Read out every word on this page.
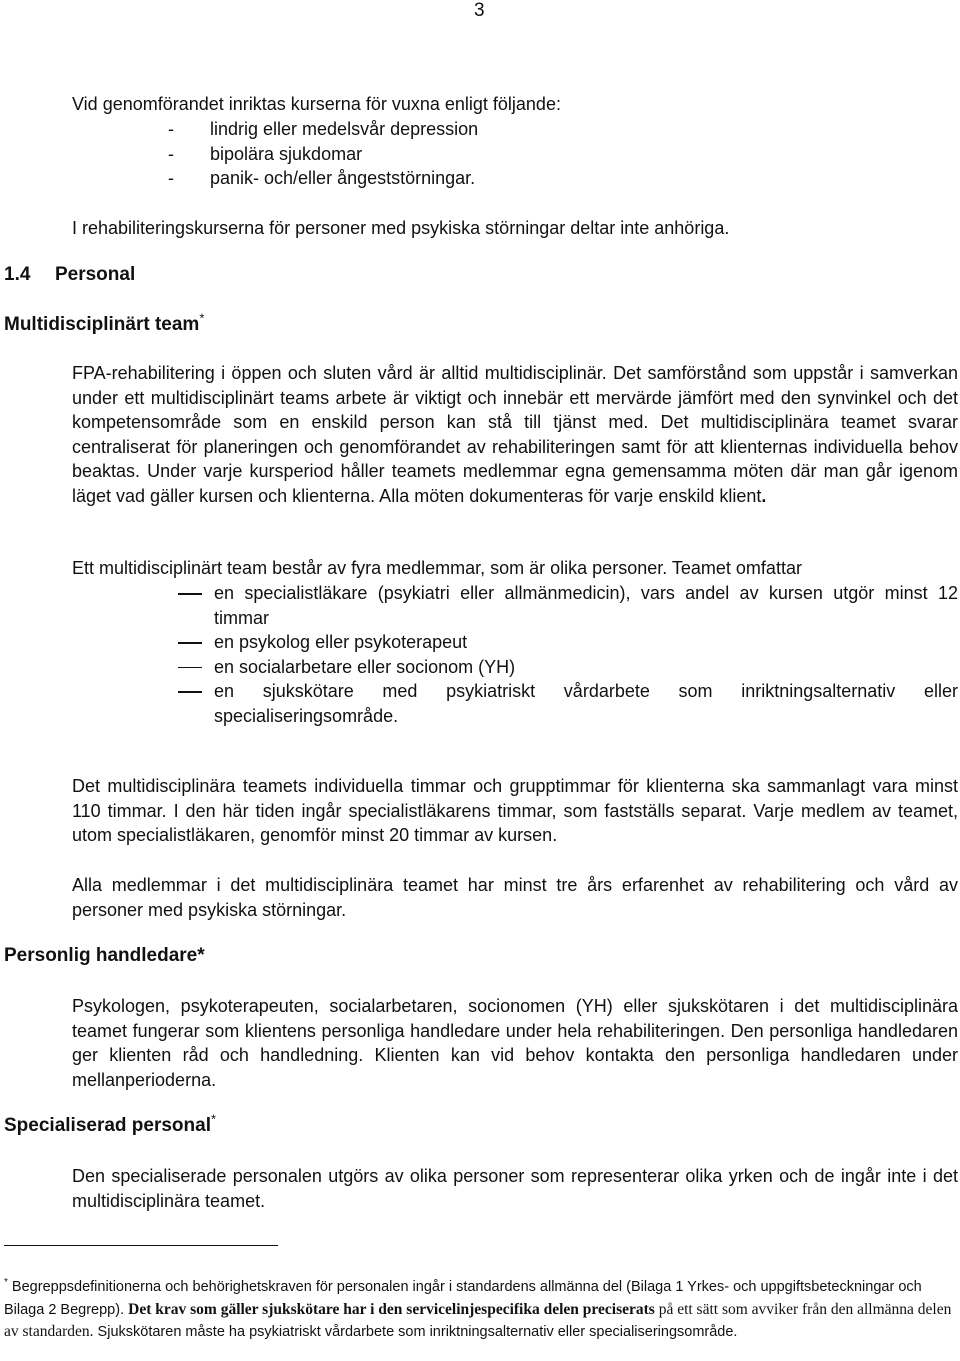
3
Vid genomförandet inriktas kurserna för vuxna enligt följande:
-	lindrig eller medelsvår depression
-	bipolära sjukdomar
-	panik- och/eller ångeststörningar.
I rehabiliteringskurserna för personer med psykiska störningar deltar inte anhöriga.
1.4 Personal
Multidisciplinärt team*
FPA-rehabilitering i öppen och sluten vård är alltid multidisciplinär. Det samförstånd som uppstår i samverkan under ett multidisciplinärt teams arbete är viktigt och innebär ett mervärde jämfört med den synvinkel och det kompetensområde som en enskild person kan stå till tjänst med. Det multidisciplinära teamet svarar centraliserat för planeringen och genomförandet av rehabiliteringen samt för att klienternas individuella behov beaktas. Under varje kursperiod håller teamets medlemmar egna gemensamma möten där man går igenom läget vad gäller kursen och klienterna. Alla möten dokumenteras för varje enskild klient.
Ett multidisciplinärt team består av fyra medlemmar, som är olika personer. Teamet omfattar
en specialistläkare (psykiatri eller allmänmedicin), vars andel av kursen utgör minst 12 timmar
en psykolog eller psykoterapeut
en socialarbetare eller socionom (YH)
en sjukskötare med psykiatriskt vårdarbete som inriktningsalternativ eller specialiseringsområde.
Det multidisciplinära teamets individuella timmar och grupptimmar för klienterna ska sammanlagt vara minst 110 timmar. I den här tiden ingår specialistläkarens timmar, som fastställs separat. Varje medlem av teamet, utom specialistläkaren, genomför minst 20 timmar av kursen.
Alla medlemmar i det multidisciplinära teamet har minst tre års erfarenhet av rehabilitering och vård av personer med psykiska störningar.
Personlig handledare*
Psykologen, psykoterapeuten, socialarbetaren, socionomen (YH) eller sjukskötaren i det multidisciplinära teamet fungerar som klientens personliga handledare under hela rehabiliteringen. Den personliga handledaren ger klienten råd och handledning. Klienten kan vid behov kontakta den personliga handledaren under mellanperioderna.
Specialiserad personal*
Den specialiserade personalen utgörs av olika personer som representerar olika yrken och de ingår inte i det multidisciplinära teamet.
* Begreppsdefinitionerna och behörighetskraven för personalen ingår i standardens allmänna del (Bilaga 1 Yrkes- och uppgiftsbeteckningar och Bilaga 2 Begrepp). Det krav som gäller sjukskötare har i den servicelinjespecifika delen preciserats på ett sätt som avviker från den allmänna delen av standarden. Sjukskötaren måste ha psykiatriskt vårdarbete som inriktningsalternativ eller specialiseringsområde.
